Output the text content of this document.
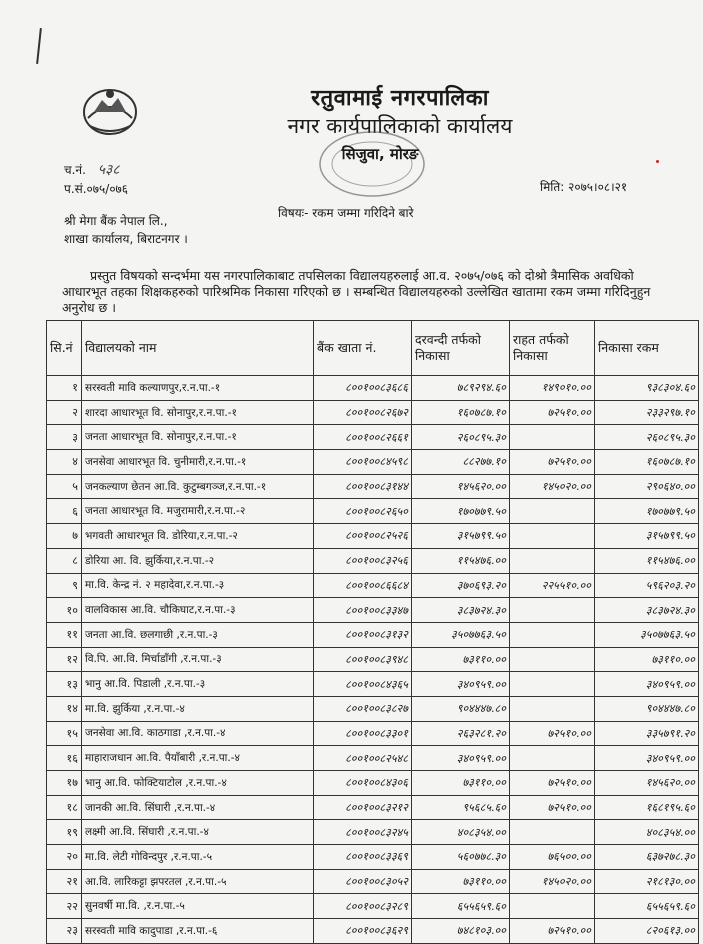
रतुवामाई नगरपालिका
नगर कार्यपालिकाको कार्यालय
सिजुवा, मोरङ
च.नं. ५३८
प.सं.०७५/०७६	मिति: २०७५।०८।२१
विषयः- रकम जम्मा गरिदिने बारे
श्री मेगा बैंक नेपाल लि.,
शाखा कार्यालय, बिराटनगर ।
प्रस्तुत विषयको सन्दर्भमा यस नगरपालिकाबाट तपसिलका विद्यालयहरुलाई आ.व. २०७५/०७६ को दोश्रो त्रैमासिक अवधिको आधारभूत तहका शिक्षकहरुको पारिश्रमिक निकासा गरिएको छ । सम्बन्धित विद्यालयहरुको उल्लेखित खातामा रकम जम्मा गरिदिनुहुन अनुरोध छ ।
सि.नं	विद्यालयको नाम	बैंक खाता नं.	दरवन्दी तर्फको निकासा	राहत तर्फको निकासा	निकासा रकम
१	सरस्वती मावि कल्याणपुर,र.न.पा.-१	८००१००८३६८६	७८९२९४.६०	१४९०१०.००	९३८३०४.६०
२	शारदा आधारभूत वि. सोनापुर,र.न.पा.-१	८००१००८२६७२	१६०७८७.१०	७२५१०.००	२३३२९७.१०
३	जनता आधारभूत वि. सोनापुर,र.न.पा.-१	८००१००८२६६१	२६०८९५.३०		२६०८९५.३०
४	जनसेवा आधारभूत वि. चुनीमारी,र.न.पा.-१	८००१००८४५९८	८८२७७.१०	७२५१०.००	१६०७८७.१०
५	जनकल्याण छेतन आ.वि. कुटुम्बगञ्ज,र.न.पा.-१	८००१००८३१४४	१४५६२०.००	१४५०२०.००	२९०६४०.००
६	जनता आधारभूत वि. मजुरामारी,र.न.पा.-२	८००१००८२६५०	१७०७७९.५०		१७०७७९.५०
७	भगवती आधारभूत वि. डोरिया,र.न.पा.-२	८००१००८२५२६	३१५७९९.५०		३१५७९९.५०
८	डोरिया आ. वि. झुर्किया,र.न.पा.-२	८००१००८३२५६	११५४७६.००		११५४७६.००
९	मा.वि. केन्द्र नं. २ महादेवा,र.न.पा.-३	८००१००८६६८४	३७०६९३.२०	२२५५१०.००	५९६२०३.२०
१०	वालविकास आ.वि. चौकिघाट,र.न.पा.-३	८००१००८३३४७	३८३७२४.३०		३८३७२४.३०
११	जनता आ.वि. छलगाछी ,र.न.पा.-३	८००१००८३१३२	३५०७७६३.५०		३५०७७६३.५०
१२	वि.पि. आ.वि. मिर्चाडाँगी ,र.न.पा.-३	८००१००८३९४८	७३११०.००		७३११०.००
१३	भानु आ.वि. पिडाली ,र.न.पा.-३	८००१००८४३६५	३४०९५९.००		३४०९५९.००
१४	मा.वि. झुर्किया ,र.न.पा.-४	८००१००८३८२७	९०४४४७.८०		९०४४४७.८०
१५	जनसेवा आ.वि. काठगाडा ,र.न.पा.-४	८००१००८३३०१	२६३२८१.२०	७२५१०.००	३३५७९१.२०
१६	माहाराजधान आ.वि. पैयाँबारी ,र.न.पा.-४	८००१००८२५४८	३४०९५९.००		३४०९५९.००
१७	भानु आ.वि. फोक्टियाटोल ,र.न.पा.-४	८००१००८४३०६	७३११०.००	७२५१०.००	१४५६२०.००
१८	जानकी आ.वि. सिंघारी ,र.न.पा.-४	८००१००८३२१२	९५६८५.६०	७२५१०.००	१६८१९५.६०
१९	लक्ष्मी आ.वि. सिंघारी ,र.न.पा.-४	८००१००८३२४५	४०८३५४.००		४०८३५४.००
२०	मा.वि. लेटी गोविन्दपुर ,र.न.पा.-५	८००१००८३३६९	५६०७७८.३०	७६५००.००	६३७२७८.३०
२१	आ.वि. लारिकट्टा झपरतल ,र.न.पा.-५	८००१००८३०५२	७३११०.००	१४५०२०.००	२१८१३०.००
२२	सुनवर्षी मा.वि. ,र.न.पा.-५	८००१००८३२८९	६५५६५९.६०		६५५६५९.६०
२३	सरस्वती मावि कादुपाडा ,र.न.पा.-६	८००१००८३६२९	७४८१०३.००	७२५१०.००	८२०६१३.००
